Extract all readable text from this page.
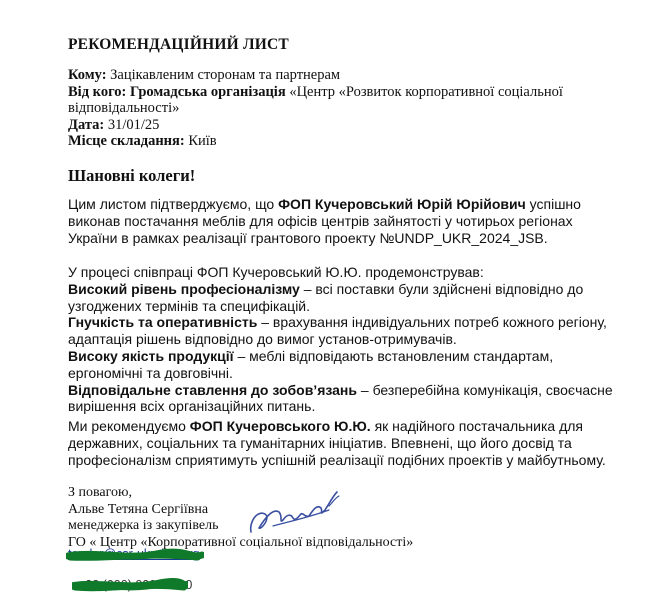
РЕКОМЕНДАЦІЙНИЙ ЛИСТ
Кому: Зацікавленим сторонам та партнерам
Від кого: Громадська організація «Центр «Розвиток корпоративної соціальної відповідальності»
Дата: 31/01/25
Місце складання: Київ
Шановні колеги!
Цим листом підтверджуємо, що ФОП Кучеровський Юрій Юрійович успішно виконав постачання меблів для офісів центрів зайнятості у чотирьох регіонах України в рамках реалізації грантового проекту №UNDP_UKR_2024_JSB.
У процесі співпраці ФОП Кучеровський Ю.Ю. продемонстрував:
Високий рівень професіоналізму – всі поставки були здійснені відповідно до узгоджених термінів та специфікацій.
Гнучкість та оперативність – врахування індивідуальних потреб кожного регіону, адаптація рішень відповідно до вимог установ-отримувачів.
Високу якість продукції – меблі відповідають встановленим стандартам, ергономічні та довговічні.
Відповідальне ставлення до зобов’язань – безперебійна комунікація, своєчасне вирішення всіх організаційних питань.
Ми рекомендуємо ФОП Кучеровського Ю.Ю. як надійного постачальника для державних, соціальних та гуманітарних ініціатив. Впевнені, що його досвід та професіоналізм сприятимуть успішній реалізації подібних проектів у майбутньому.
З повагою,
Альве Тетяна Сергіївна
менеджерка із закупівель
ГО « Центр «Корпоративної соціальної відповідальності»
tender@csr-ukraine.org
+38 (000) 000-00-00
